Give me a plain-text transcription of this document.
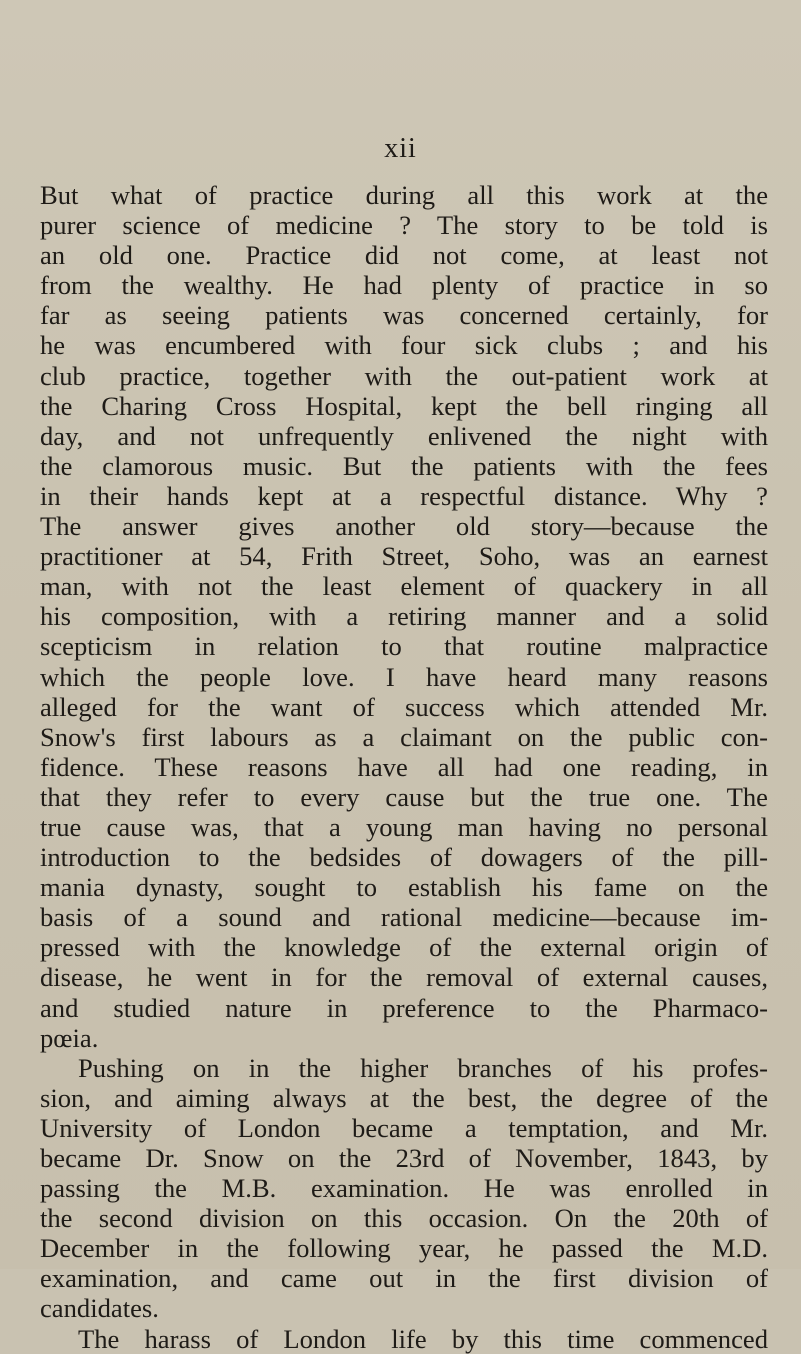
xii
But what of practice during all this work at the
purer science of medicine ? The story to be told is
an old one. Practice did not come, at least not
from the wealthy. He had plenty of practice in so
far as seeing patients was concerned certainly, for
he was encumbered with four sick clubs ; and his
club practice, together with the out-patient work at
the Charing Cross Hospital, kept the bell ringing all
day, and not unfrequently enlivened the night with
the clamorous music. But the patients with the fees
in their hands kept at a respectful distance. Why ?
The answer gives another old story—because the
practitioner at 54, Frith Street, Soho, was an earnest
man, with not the least element of quackery in all
his composition, with a retiring manner and a solid
scepticism in relation to that routine malpractice
which the people love. I have heard many reasons
alleged for the want of success which attended Mr.
Snow's first labours as a claimant on the public con-
fidence. These reasons have all had one reading, in
that they refer to every cause but the true one. The
true cause was, that a young man having no personal
introduction to the bedsides of dowagers of the pill-
mania dynasty, sought to establish his fame on the
basis of a sound and rational medicine—because im-
pressed with the knowledge of the external origin of
disease, he went in for the removal of external causes,
and studied nature in preference to the Pharmaco-
pœia.
Pushing on in the higher branches of his profes-
sion, and aiming always at the best, the degree of the
University of London became a temptation, and Mr.
became Dr. Snow on the 23rd of November, 1843, by
passing the M.B. examination. He was enrolled in
the second division on this occasion. On the 20th of
December in the following year, he passed the M.D.
examination, and came out in the first division of
candidates.
The harass of London life by this time commenced
